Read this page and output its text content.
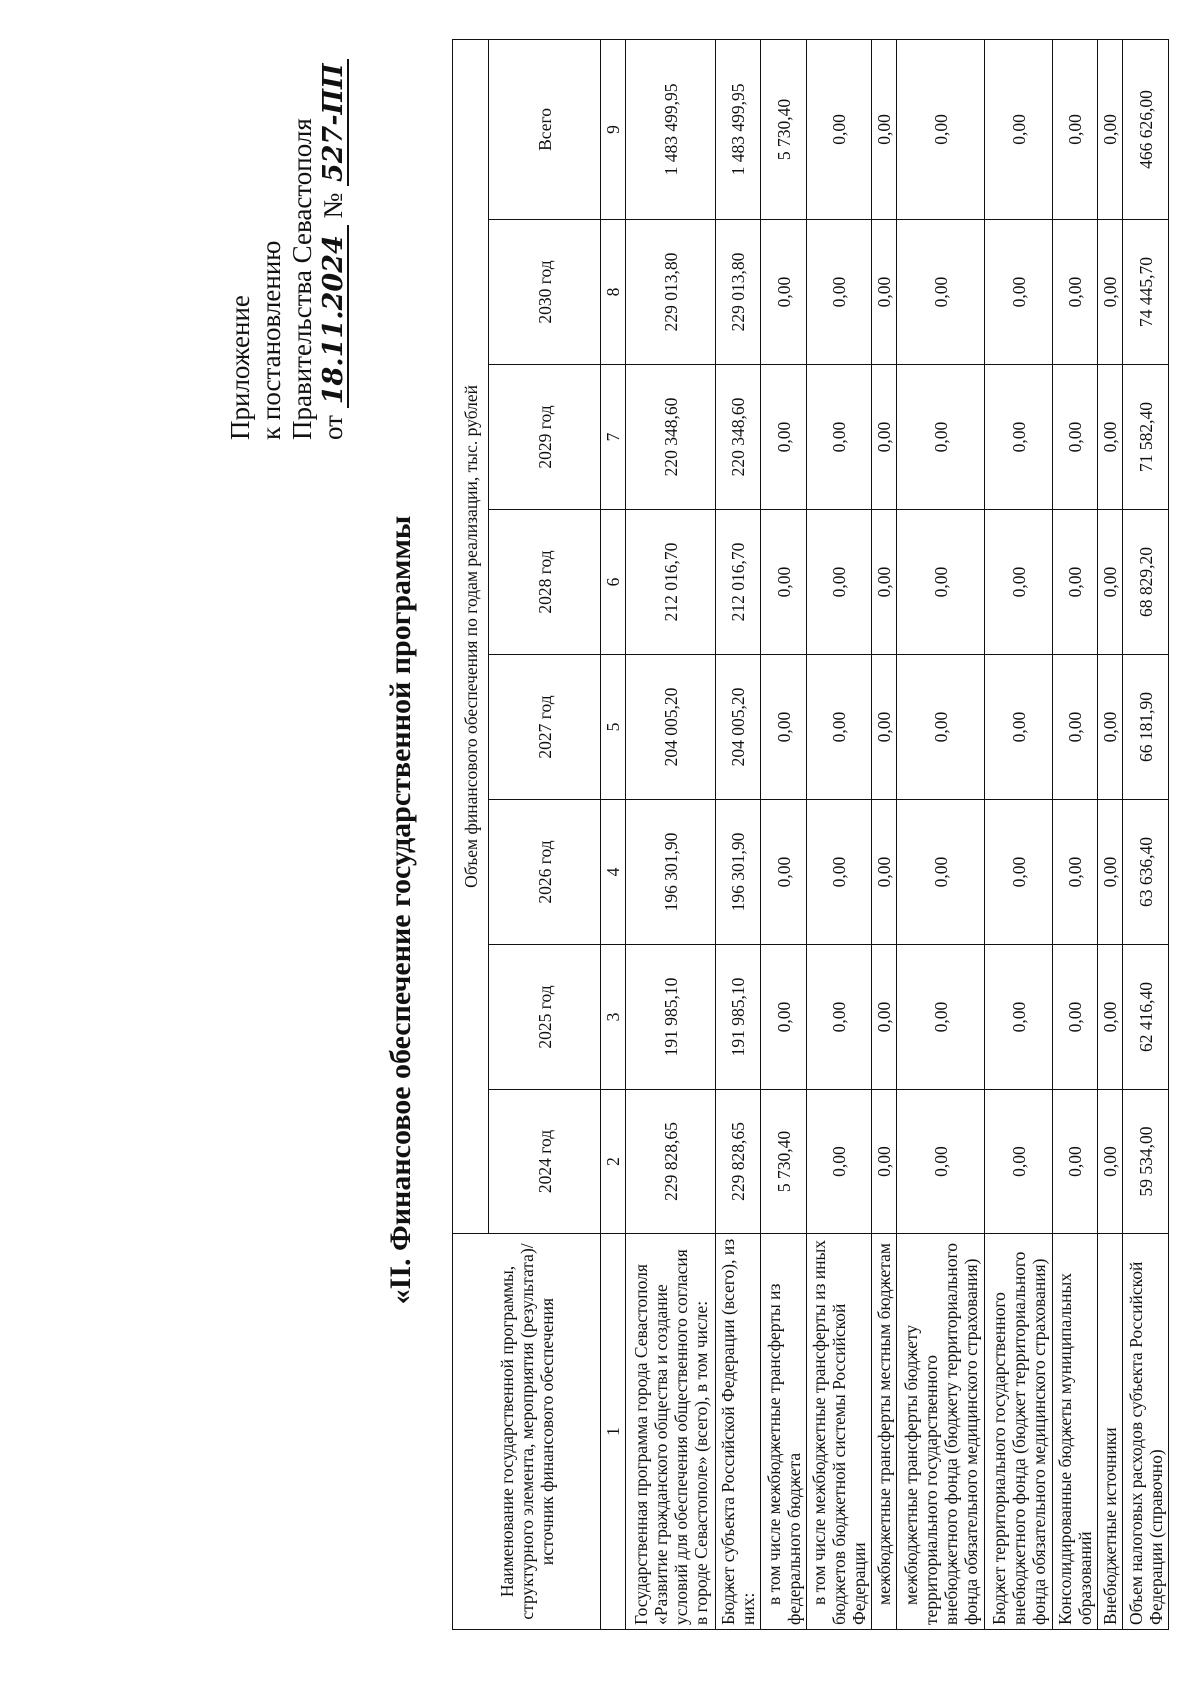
Приложение к постановлению Правительства Севастополя от 18.11.2024 № 527-ПП
«II. Финансовое обеспечение государственной программы
Наименование государственной программы, структурного элемента, мероприятия (результата)/источник финансового обеспечения	Объем финансового обеспечения по годам реализации, тыс. рублей							
	2024 год	2025 год	2026 год	2027 год	2028 год	2029 год	2030 год	Всего
1	2	3	4	5	6	7	8	9
Государственная программа города Севастополя «Развитие гражданского общества и создание условий для обеспечения общественного согласия в городе Севастополе» (всего), в том числе:	229 828,65	191 985,10	196 301,90	204 005,20	212 016,70	220 348,60	229 013,80	1 483 499,95
Бюджет субъекта Российской Федерации (всего), из них:	229 828,65	191 985,10	196 301,90	204 005,20	212 016,70	220 348,60	229 013,80	1 483 499,95
в том числе межбюджетные трансферты из федерального бюджета	5 730,40	0,00	0,00	0,00	0,00	0,00	0,00	5 730,40
в том числе межбюджетные трансферты из иных бюджетов бюджетной системы Российской Федерации	0,00	0,00	0,00	0,00	0,00	0,00	0,00	0,00
межбюджетные трансферты местным бюджетам	0,00	0,00	0,00	0,00	0,00	0,00	0,00	0,00
межбюджетные трансферты бюджету территориального государственного внебюджетного фонда (бюджету территориального фонда обязательного медицинского страхования)	0,00	0,00	0,00	0,00	0,00	0,00	0,00	0,00
Бюджет территориального государственного внебюджетного фонда (бюджет территориального фонда обязательного медицинского страхования)	0,00	0,00	0,00	0,00	0,00	0,00	0,00	0,00
Консолидированные бюджеты муниципальных образований	0,00	0,00	0,00	0,00	0,00	0,00	0,00	0,00
Внебюджетные источники	0,00	0,00	0,00	0,00	0,00	0,00	0,00	0,00
Объем налоговых расходов субъекта Российской Федерации (справочно)	59 534,00	62 416,40	63 636,40	66 181,90	68 829,20	71 582,40	74 445,70	466 626,00
